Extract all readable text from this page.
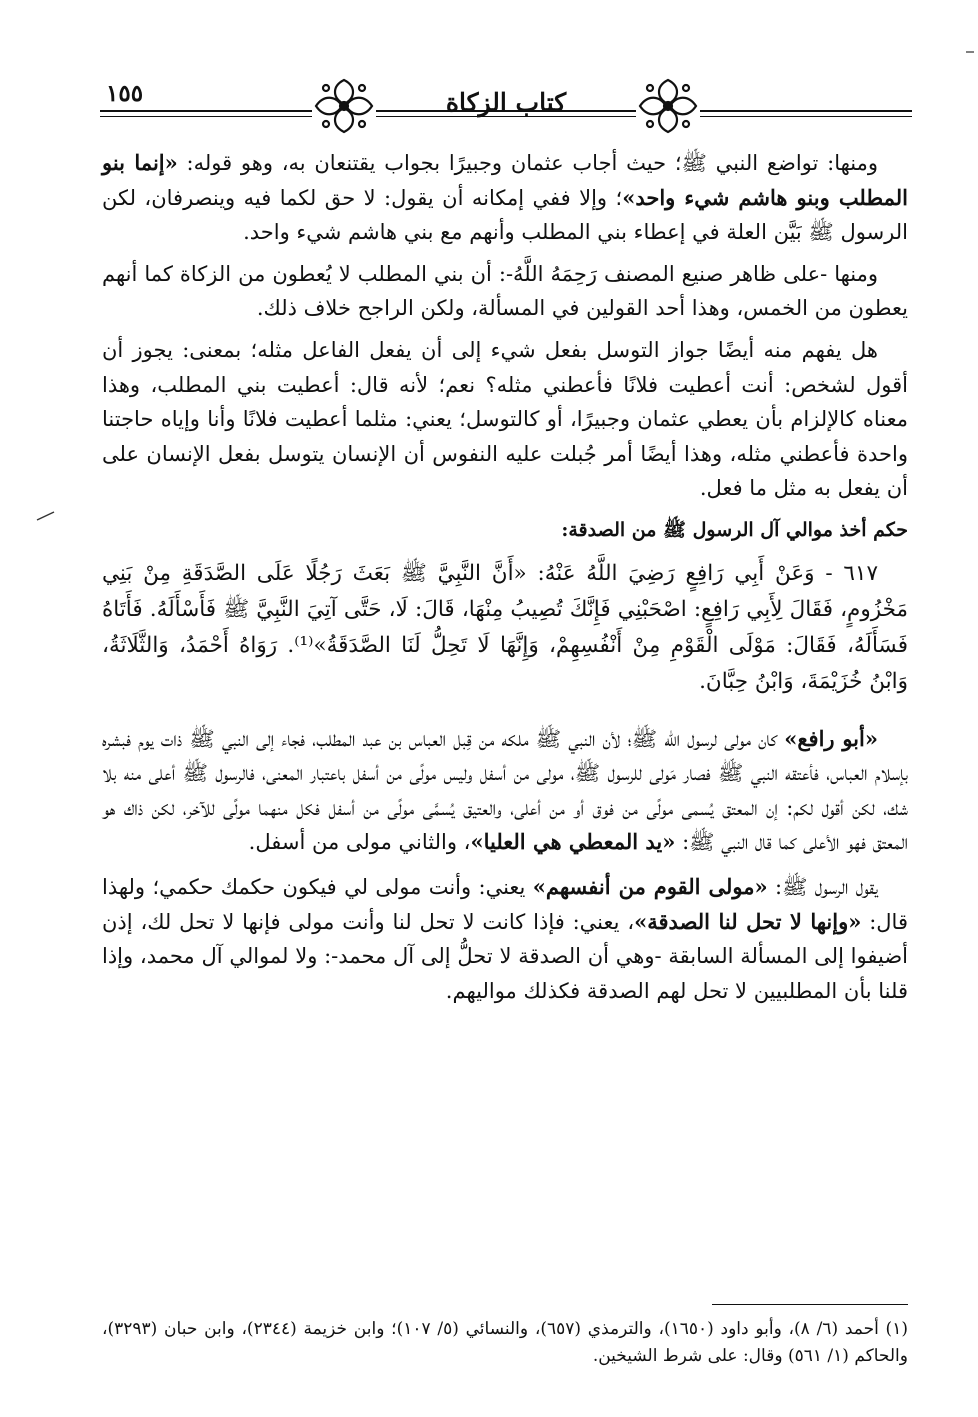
كتاب الزكاة
١٥٥

ومنها: تواضع النبي ﷺ؛ حيث أجاب عثمان وجبيرًا بجواب يقتنعان به، وهو قوله: «إنما بنو المطلب وبنو هاشم شيء واحد»؛ وإلا ففي إمكانه أن يقول: لا حق لكما فيه وينصرفان، لكن الرسول ﷺ بَيَّن العلة في إعطاء بني المطلب وأنهم مع بني هاشم شيء واحد.

ومنها -على ظاهر صنيع المصنف رَحِمَهُ اللَّهُ-: أن بني المطلب لا يُعطون من الزكاة كما أنهم يعطون من الخمس، وهذا أحد القولين في المسألة، ولكن الراجح خلاف ذلك.

هل يفهم منه أيضًا جواز التوسل بفعل شيء إلى أن يفعل الفاعل مثله؛ بمعنى: يجوز أن أقول لشخص: أنت أعطيت فلانًا فأعطني مثله؟ نعم؛ لأنه قال: أعطيت بني المطلب، وهذا معناه كالإلزام بأن يعطي عثمان وجبيرًا، أو كالتوسل؛ يعني: مثلما أعطيت فلانًا وأنا وإياه حاجتنا واحدة فأعطني مثله، وهذا أيضًا أمر جُبلت عليه النفوس أن الإنسان يتوسل بفعل الإنسان على أن يفعل به مثل ما فعل.

حكم أخذ موالي آل الرسول ﷺ من الصدقة:

٦١٧ - وَعَنْ أَبِي رَافِعٍ رَضِيَ اللَّهُ عَنْهُ: «أَنَّ النَّبِيَّ ﷺ بَعَثَ رَجُلًا عَلَى الصَّدَقَةِ مِنْ بَنِي مَخْزُومٍ، فَقَالَ لِأَبِي رَافِعٍ: اصْحَبْنِي فَإِنَّكَ تُصِيبُ مِنْهَا، قَالَ: لَا، حَتَّى آتِيَ النَّبِيَّ ﷺ فَأَسْأَلَهُ. فَأَتَاهُ فَسَأَلَهُ، فَقَالَ: مَوْلَى الْقَوْمِ مِنْ أَنْفُسِهِمْ، وَإِنَّهَا لَا تَحِلُّ لَنَا الصَّدَقَةُ»⁽¹⁾. رَوَاهُ أَحْمَدُ، وَالثَّلَاثَةُ، وَابْنُ خُزَيْمَةَ، وَابْنُ حِبَّانَ.

«أبو رافع» كان مولى لرسول الله ﷺ؛ لأن النبي ﷺ ملكه من قِبل العباس بن عبد المطلب، فجاء إلى النبي ﷺ ذات يوم فبشره بإسلام العباس، فأعتقه النبي ﷺ فصار مَولى للرسول ﷺ، مولى من أسفل وليس مولًى من أسفل باعتبار المعنى، فالرسول ﷺ أعلى منه بلا شك، لكن أقول لكم: إن المعتق يُسمى مولًى من فوق أو من أعلى، والعتيق يُسمَّى مولًى من أسفل فكل منهما مولًى للآخر، لكن ذاك هو المعتق فهو الأعلى كما قال النبي ﷺ: «يد المعطي هي العليا»، والثاني مولى من أسفل.

يقول الرسول ﷺ: «مولى القوم من أنفسهم» يعني: وأنت مولى لي فيكون حكمك حكمي؛ ولهذا قال: «وإنها لا تحل لنا الصدقة»، يعني: فإذا كانت لا تحل لنا وأنت مولى فإنها لا تحل لك، إذن أضيفوا إلى المسألة السابقة -وهي أن الصدقة لا تحلُّ إلى آل محمد-: ولا لموالي آل محمد، وإذا قلنا بأن المطلبيين لا تحل لهم الصدقة فكذلك مواليهم.

(١) أحمد (٦/ ٨)، وأبو داود (١٦٥٠)، والترمذي (٦٥٧)، والنسائي (٥/ ١٠٧)؛ وابن خزيمة (٢٣٤٤)، وابن حبان (٣٢٩٣)، والحاكم (١/ ٥٦١) وقال: على شرط الشيخين.
